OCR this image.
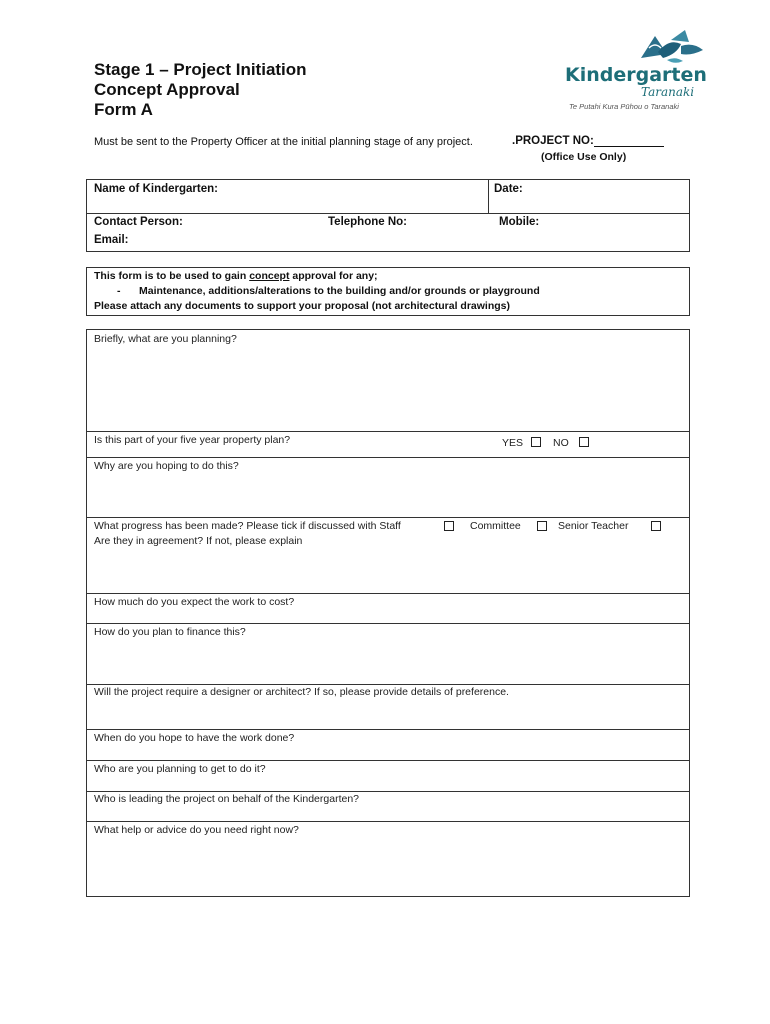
Stage 1 – Project Initiation
Concept Approval
Form A
Kindergarten
Taranaki
Te Putahi Kura Pūhou o Taranaki
Must be sent to the Property Officer at the initial planning stage of any project.	.PROJECT NO:
(Office Use Only)
Name of Kindergarten:	Date:
Contact Person:	Telephone No:	Mobile:
Email:
This form is to be used to gain concept approval for any;
- Maintenance, additions/alterations to the building and/or grounds or playground
Please attach any documents to support your proposal (not architectural drawings)
Briefly, what are you planning?
Is this part of your five year property plan?	YES	NO
Why are you hoping to do this?
What progress has been made? Please tick if discussed with Staff	Committee	Senior Teacher
Are they in agreement? If not, please explain
How much do you expect the work to cost?
How do you plan to finance this?
Will the project require a designer or architect? If so, please provide details of preference.
When do you hope to have the work done?
Who are you planning to get to do it?
Who is leading the project on behalf of the Kindergarten?
What help or advice do you need right now?
